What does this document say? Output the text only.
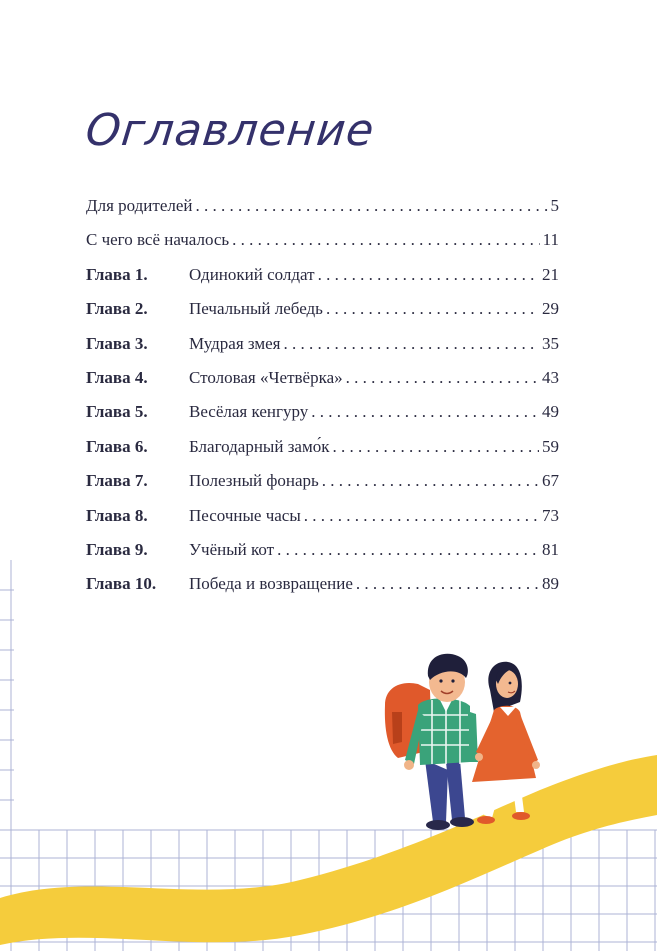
Оглавление
Для родителей . . .	5
С чего всё началось . . .	11
Глава 1.	Одинокий солдат . . .	21
Глава 2.	Печальный лебедь . . .	29
Глава 3.	Мудрая змея . . .	35
Глава 4.	Столовая «Четвёрка» . . .	43
Глава 5.	Весёлая кенгуру . . .	49
Глава 6.	Благодарный замо́к . . .	59
Глава 7.	Полезный фонарь . . .	67
Глава 8.	Песочные часы . . .	73
Глава 9.	Учёный кот . . .	81
Глава 10.	Победа и возвращение . . .	89
